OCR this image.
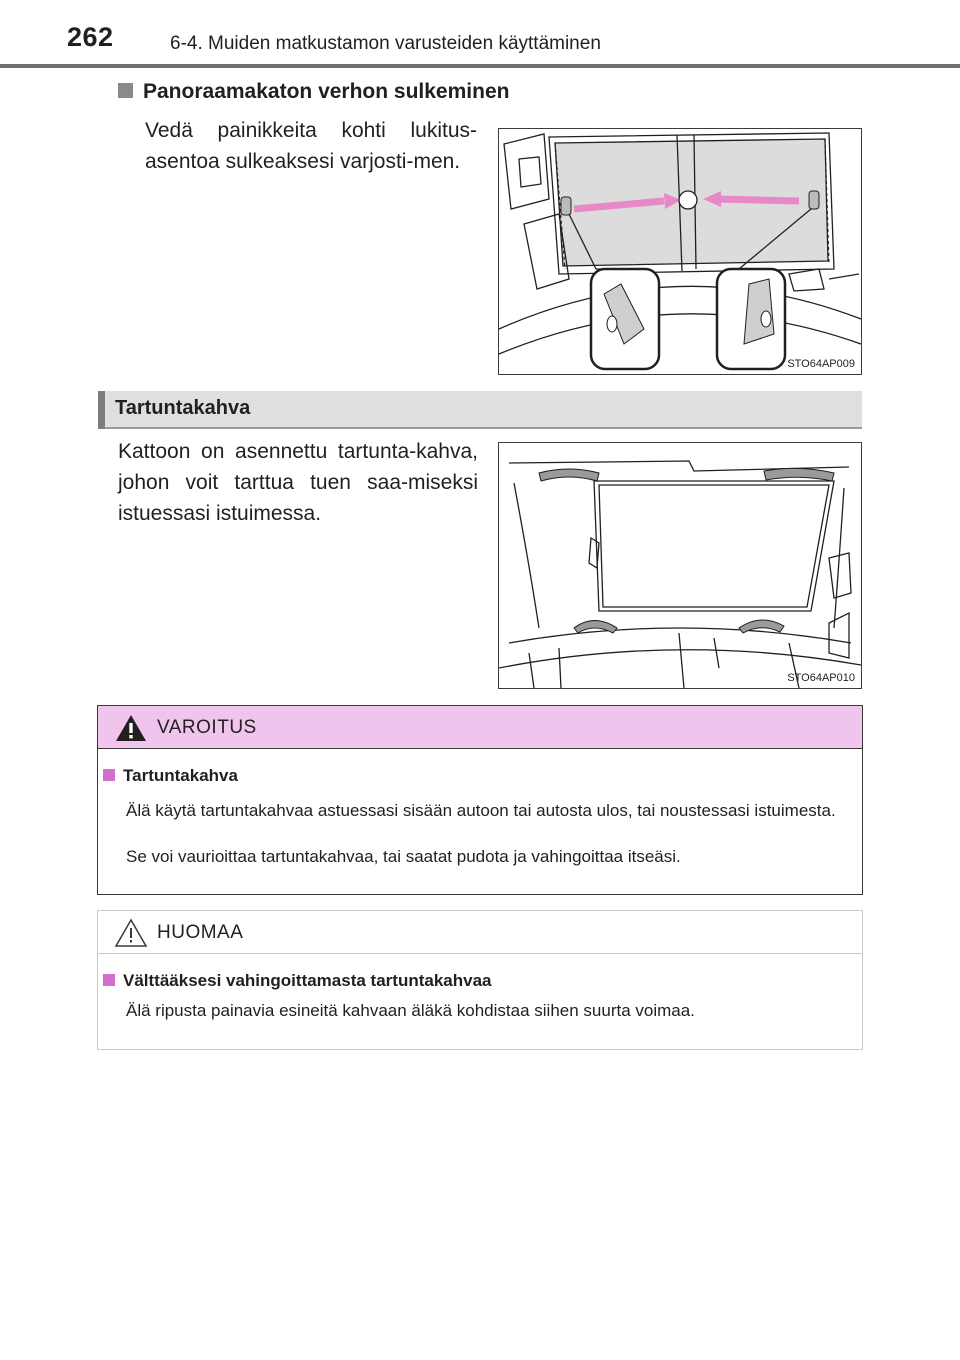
262	6-4. Muiden matkustamon varusteiden käyttäminen
Panoraamakaton verhon sulkeminen
Vedä painikkeita kohti lukitus-asentoa sulkeaksesi varjosti-men.
STO64AP009
Tartuntakahva
Kattoon on asennettu tartunta-kahva, johon voit tarttua tuen saa-miseksi istuessasi istuimessa.
STO64AP010
VAROITUS
Tartuntakahva
Älä käytä tartuntakahvaa astuessasi sisään autoon tai autosta ulos, tai noustessasi istuimesta.
Se voi vaurioittaa tartuntakahvaa, tai saatat pudota ja vahingoittaa itseäsi.
HUOMAA
Välttääksesi vahingoittamasta tartuntakahvaa
Älä ripusta painavia esineitä kahvaan äläkä kohdistaa siihen suurta voimaa.
